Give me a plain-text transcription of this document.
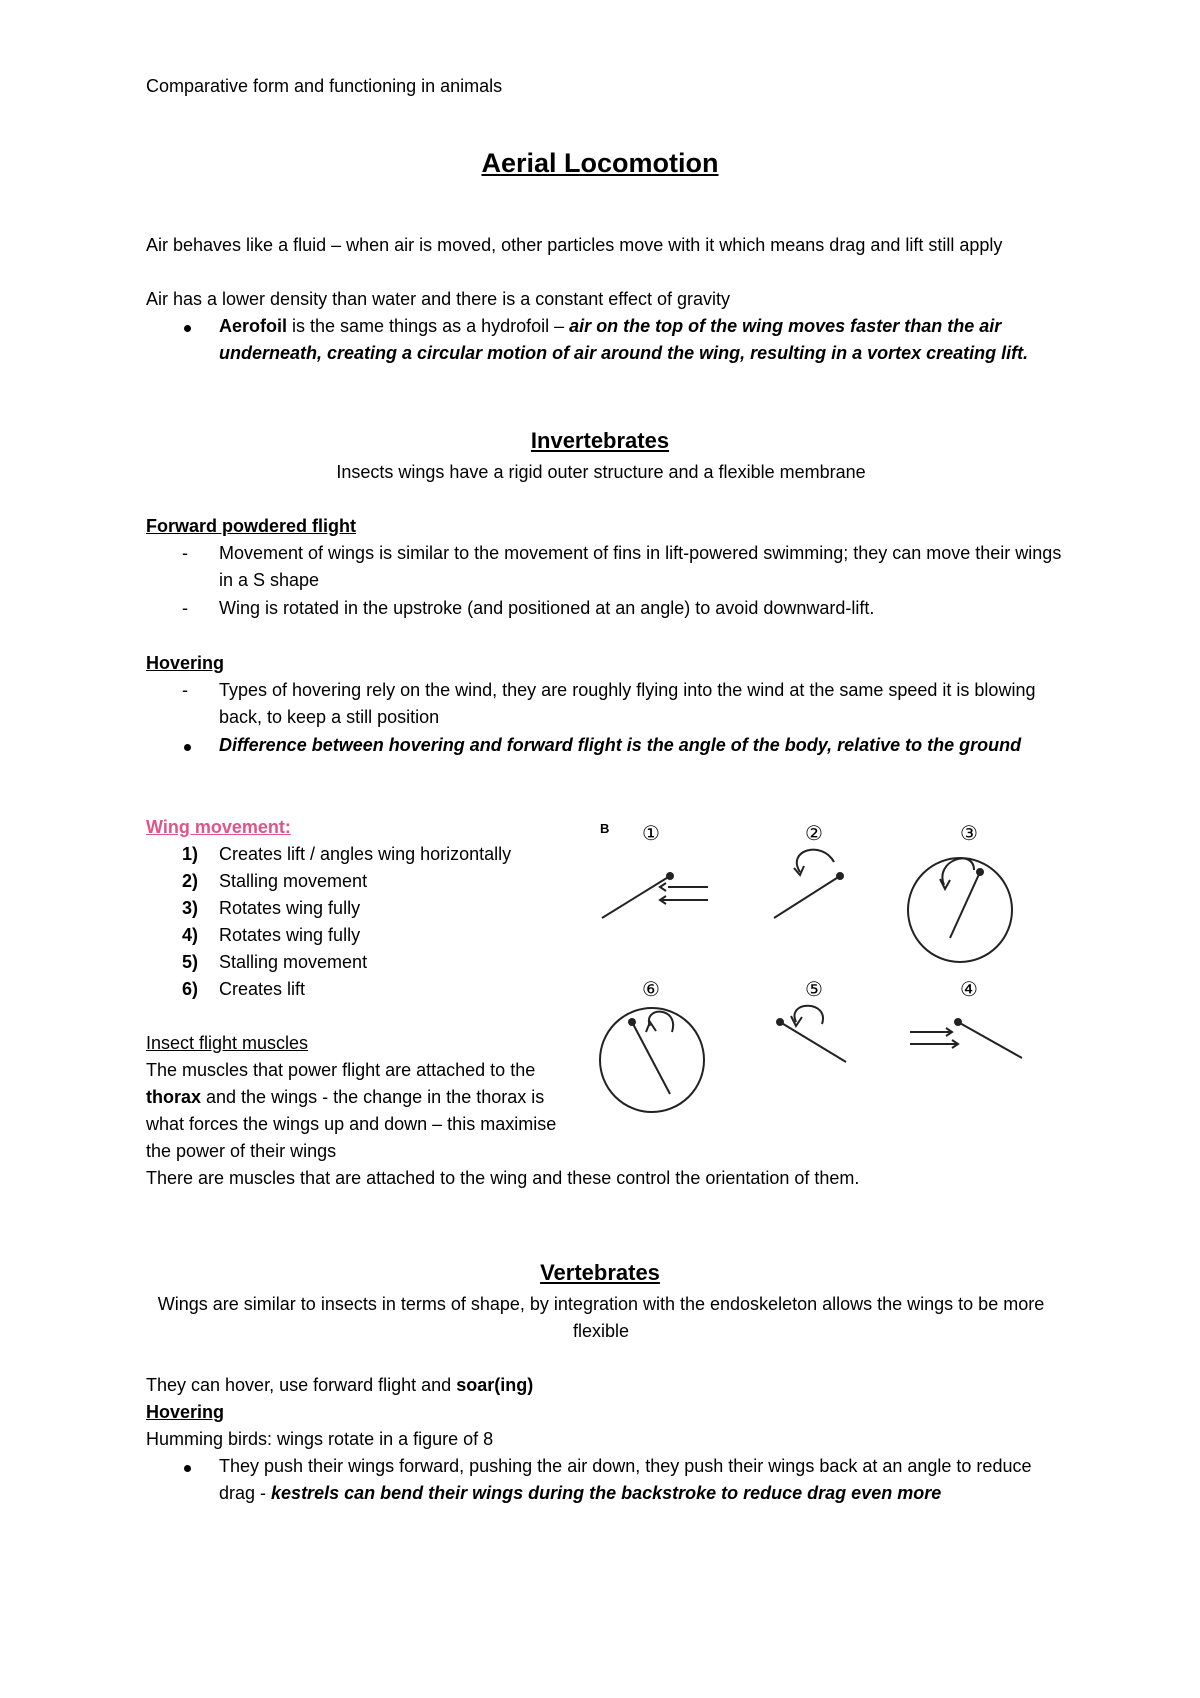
Comparative form and functioning in animals

Aerial Locomotion

Air behaves like a fluid – when air is moved, other particles move with it which means drag and lift still apply

Air has a lower density than water and there is a constant effect of gravity

Aerofoil is the same things as a hydrofoil – air on the top of the wing moves faster than the air underneath, creating a circular motion of air around the wing, resulting in a vortex creating lift.

Invertebrates

Insects wings have a rigid outer structure and a flexible membrane

Forward powdered flight

-	Movement of wings is similar to the movement of fins in lift-powered swimming; they can move their wings in a S shape
-	Wing is rotated in the upstroke (and positioned at an angle) to avoid downward-lift.

Hovering

-	Types of hovering rely on the wind, they are roughly flying into the wind at the same speed it is blowing back, to keep a still position
Difference between hovering and forward flight is the angle of the body, relative to the ground

Wing movement:

1)	Creates lift / angles wing horizontally
2)	Stalling movement
3)	Rotates wing fully
4)	Rotates wing fully
5)	Stalling movement
6)	Creates lift
B ①	②	③
⑥	⑤	④

Insect flight muscles

The muscles that power flight are attached to the thorax and the wings - the change in the thorax is what forces the wings up and down – this maximise the power of their wings

There are muscles that are attached to the wing and these control the orientation of them.

Vertebrates

Wings are similar to insects in terms of shape, by integration with the endoskeleton allows the wings to be more flexible

They can hover, use forward flight and soar(ing)

Hovering

Humming birds: wings rotate in a figure of 8

They push their wings forward, pushing the air down, they push their wings back at an angle to reduce drag - kestrels can bend their wings during the backstroke to reduce drag even more
